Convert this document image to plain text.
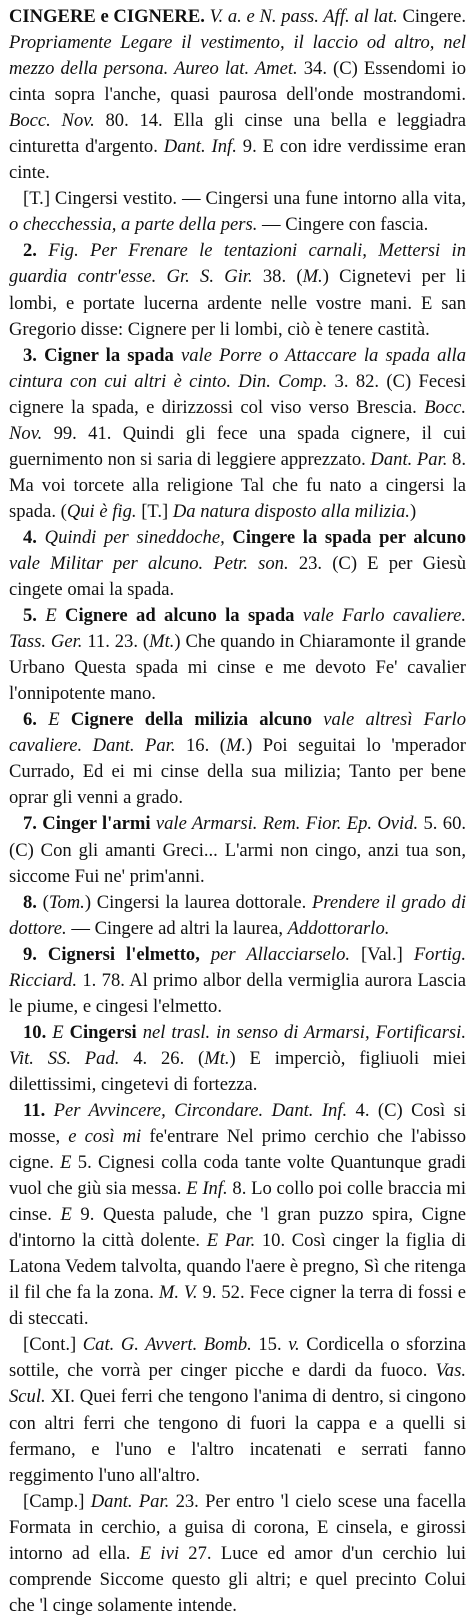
CINGERE e CIGNERE. V. a. e N. pass. Aff. al lat. Cingere. Propriamente Legare il vestimento, il laccio od altro, nel mezzo della persona. Aureo lat. Amet. 34. (C) Essendomi io cinta sopra l'anche, quasi paurosa dell'onde mostrandomi. Bocc. Nov. 80. 14. Ella gli cinse una bella e leggiadra cinturetta d'argento. Dant. Inf. 9. E con idre verdissime eran cinte.

[T.] Cingersi vestito. — Cingersi una fune intorno alla vita, o checchessia, a parte della pers. — Cingere con fascia.

2. Fig. Per Frenare le tentazioni carnali, Mettersi in guardia contr'esse. Gr. S. Gir. 38. (M.) Cignetevi per li lombi, e portate lucerna ardente nelle vostre mani. E san Gregorio disse: Cignere per li lombi, ciò è tenere castità.

3. Cigner la spada vale Porre o Attaccare la spada alla cintura con cui altri è cinto. Din. Comp. 3. 82. (C) Fecesi cignere la spada, e dirizzossi col viso verso Brescia. Bocc. Nov. 99. 41. Quindi gli fece una spada cignere, il cui guernimento non si saria di leggiere apprezzato. Dant. Par. 8. Ma voi torcete alla religione Tal che fu nato a cingersi la spada. (Qui è fig. [T.] Da natura disposto alla milizia.)

4. Quindi per sineddoche, Cingere la spada per alcuno vale Militar per alcuno. Petr. son. 23. (C) E per Giesù cingete omai la spada.

5. E Cignere ad alcuno la spada vale Farlo cavaliere. Tass. Ger. 11. 23. (Mt.) Che quando in Chiaramonte il grande Urbano Questa spada mi cinse e me devoto Fe' cavalier l'onnipotente mano.

6. E Cignere della milizia alcuno vale altresì Farlo cavaliere. Dant. Par. 16. (M.) Poi seguitai lo 'mperador Currado, Ed ei mi cinse della sua milizia; Tanto per bene oprar gli venni a grado.

7. Cinger l'armi vale Armarsi. Rem. Fior. Ep. Ovid. 5. 60. (C) Con gli amanti Greci... L'armi non cingo, anzi tua son, siccome Fui ne' prim'anni.

8. (Tom.) Cingersi la laurea dottorale. Prendere il grado di dottore. — Cingere ad altri la laurea, Addottorarlo.

9. Cignersi l'elmetto, per Allacciarselo. [Val.] Fortig. Ricciard. 1. 78. Al primo albor della vermiglia aurora Lascia le piume, e cingesi l'elmetto.

10. E Cingersi nel trasl. in senso di Armarsi, Fortificarsi. Vit. SS. Pad. 4. 26. (Mt.) E imperciò, figliuoli miei dilettissimi, cingetevi di fortezza.

11. Per Avvincere, Circondare. Dant. Inf. 4. (C) Così si mosse, e così mi fe'entrare Nel primo cerchio che l'abisso cigne. E 5. Cignesi colla coda tante volte Quantunque gradi vuol che giù sia messa. E Inf. 8. Lo collo poi colle braccia mi cinse. E 9. Questa palude, che 'l gran puzzo spira, Cigne d'intorno la città dolente. E Par. 10. Così cinger la figlia di Latona Vedem talvolta, quando l'aere è pregno, Sì che ritenga il fil che fa la zona. M. V. 9. 52. Fece cigner la terra di fossi e di steccati.

[Cont.] Cat. G. Avvert. Bomb. 15. v. Cordicella o sforzina sottile, che vorrà per cinger picche e dardi da fuoco. Vas. Scul. XI. Quei ferri che tengono l'anima di dentro, si cingono con altri ferri che tengono di fuori la cappa e a quelli si fermano, e l'uno e l'altro incatenati e serrati fanno reggimento l'uno all'altro.

[Camp.] Dant. Par. 23. Per entro 'l cielo scese una facella Formata in cerchio, a guisa di corona, E cinsela, e girossi intorno ad ella. E ivi 27. Luce ed amor d'un cerchio lui comprende Siccome questo gli altri; e quel precinto Colui che 'l cinge solamente intende.
